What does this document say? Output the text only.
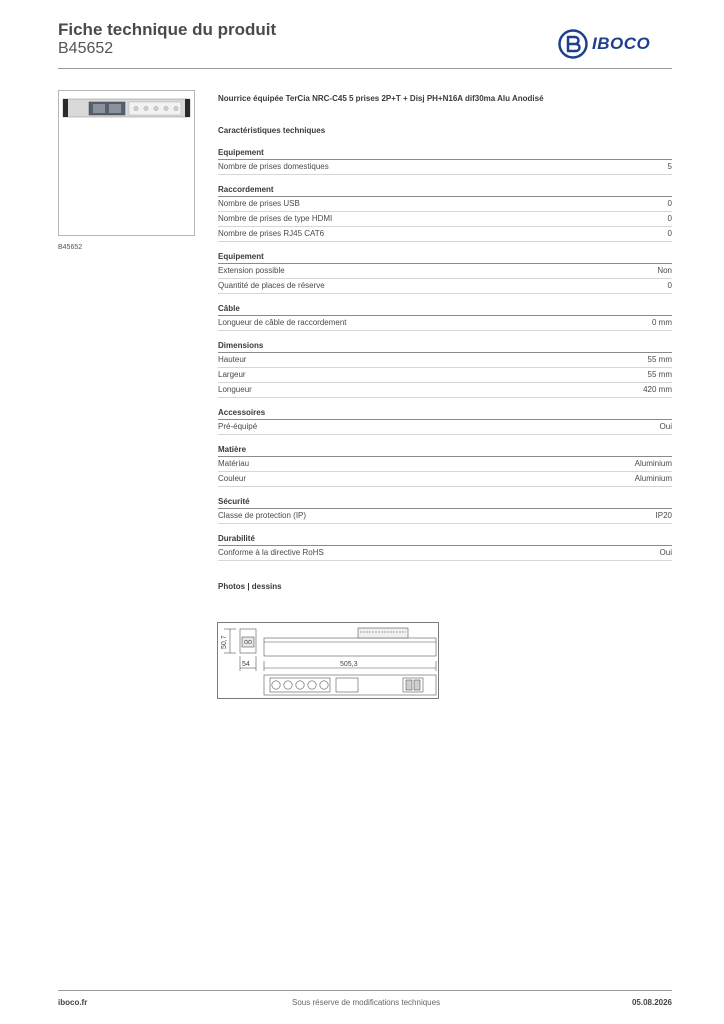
Fiche technique du produit
B45652	IBOCO
B45652
Nourrice équipée TerCia NRC-C45 5 prises 2P+T + Disj PH+N16A dif30ma Alu Anodisé
Caractéristiques techniques
Equipement
Nombre de prises domestiques	5
Raccordement
Nombre de prises USB	0
Nombre de prises de type HDMI	0
Nombre de prises RJ45 CAT6	0
Equipement
Extension possible	Non
Quantité de places de réserve	0
Câble
Longueur de câble de raccordement	0 mm
Dimensions
Hauteur	55 mm
Largeur	55 mm
Longueur	420 mm
Accessoires
Pré-équipé	Oui
Matière
Matériau	Aluminium
Couleur	Aluminium
Sécurité
Classe de protection (IP)	IP20
Durabilité
Conforme à la directive RoHS	Oui
Photos | dessins
50,7
54	505,3
iboco.fr	Sous réserve de modifications techniques	05.08.2026
